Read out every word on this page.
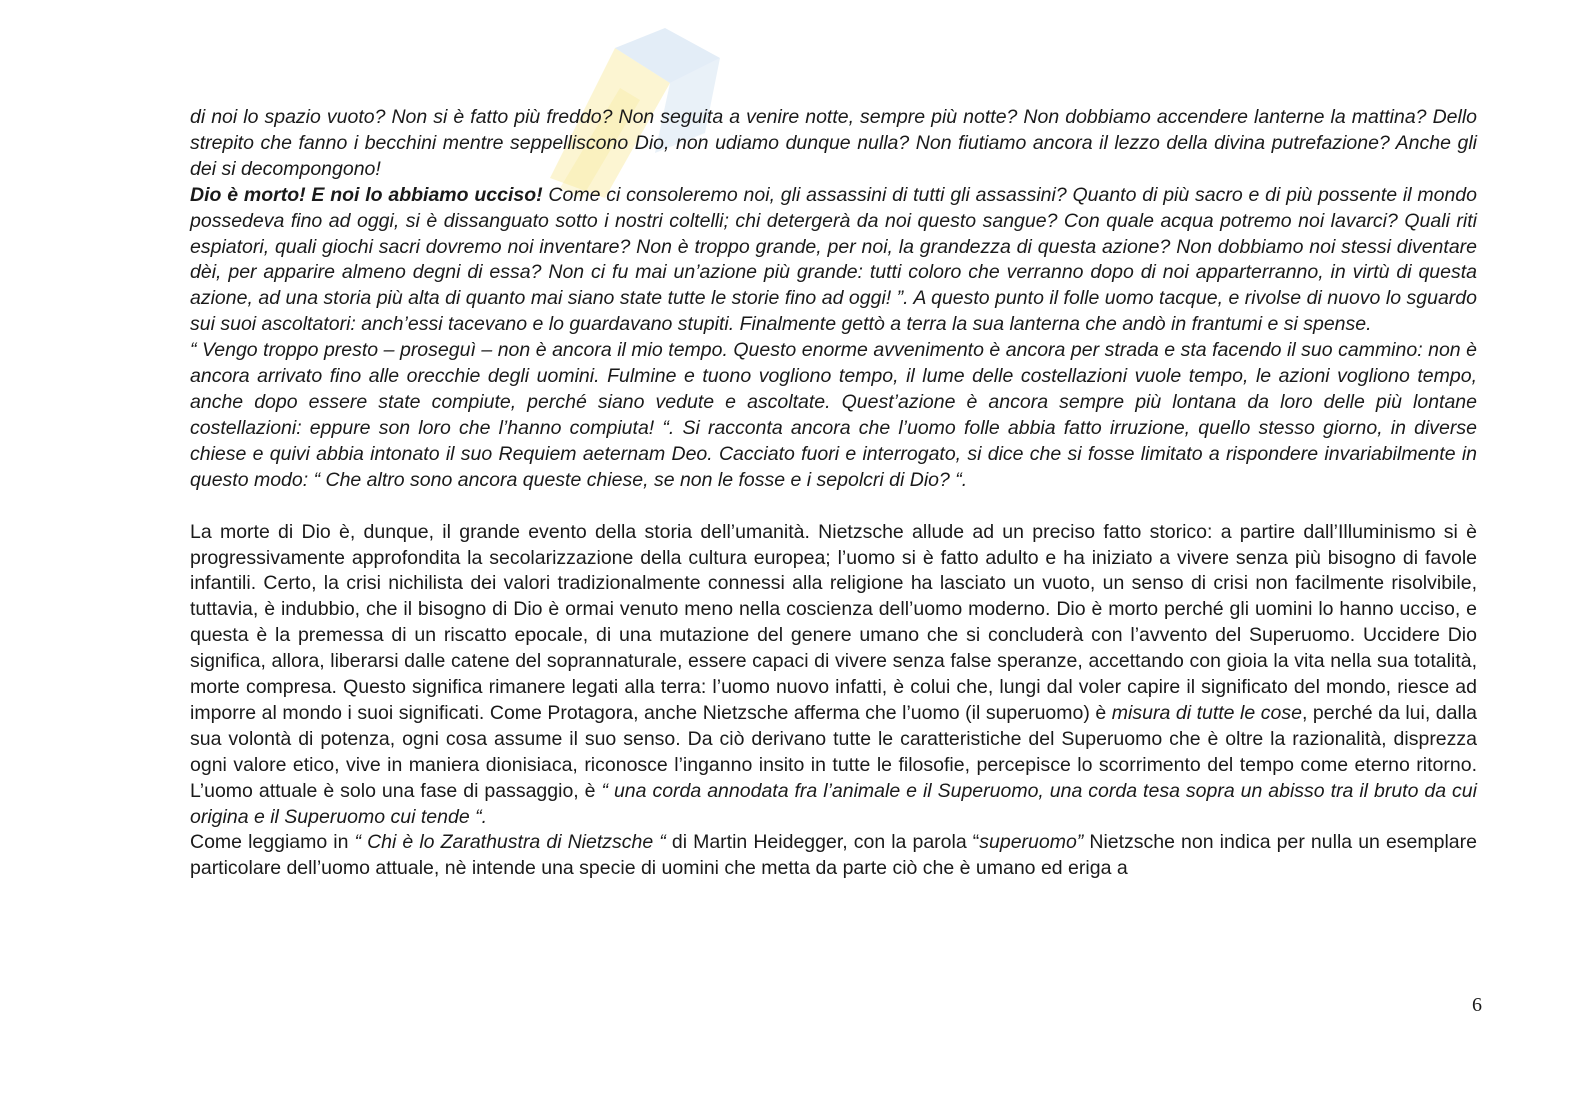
di noi lo spazio vuoto? Non si è fatto più freddo? Non seguita a venire notte, sempre più notte? Non dobbiamo accendere lanterne la mattina? Dello strepito che fanno i becchini mentre seppelliscono Dio, non udiamo dunque nulla? Non fiutiamo ancora il lezzo della divina putrefazione? Anche gli dei si decompongono!

Dio è morto! E noi lo abbiamo ucciso! Come ci consoleremo noi, gli assassini di tutti gli assassini? Quanto di più sacro e di più possente il mondo possedeva fino ad oggi, si è dissanguato sotto i nostri coltelli; chi detergerà da noi questo sangue? Con quale acqua potremo noi lavarci? Quali riti espiatori, quali giochi sacri dovremo noi inventare? Non è troppo grande, per noi, la grandezza di questa azione? Non dobbiamo noi stessi diventare dèi, per apparire almeno degni di essa? Non ci fu mai un’azione più grande: tutti coloro che verranno dopo di noi apparterranno, in virtù di questa azione, ad una storia più alta di quanto mai siano state tutte le storie fino ad oggi! ”. A questo punto il folle uomo tacque, e rivolse di nuovo lo sguardo sui suoi ascoltatori: anch’essi tacevano e lo guardavano stupiti. Finalmente gettò a terra la sua lanterna che andò in frantumi e si spense.

“ Vengo troppo presto – proseguì – non è ancora il mio tempo. Questo enorme avvenimento è ancora per strada e sta facendo il suo cammino: non è ancora arrivato fino alle orecchie degli uomini. Fulmine e tuono vogliono tempo, il lume delle costellazioni vuole tempo, le azioni vogliono tempo, anche dopo essere state compiute, perché siano vedute e ascoltate. Quest’azione è ancora sempre più lontana da loro delle più lontane costellazioni: eppure son loro che l’hanno compiuta! “. Si racconta ancora che l’uomo folle abbia fatto irruzione, quello stesso giorno, in diverse chiese e quivi abbia intonato il suo Requiem aeternam Deo. Cacciato fuori e interrogato, si dice che si fosse limitato a rispondere invariabilmente in questo modo: “ Che altro sono ancora queste chiese, se non le fosse e i sepolcri di Dio? “.

La morte di Dio è, dunque, il grande evento della storia dell’umanità. Nietzsche allude ad un preciso fatto storico: a partire dall’Illuminismo si è progressivamente approfondita la secolarizzazione della cultura europea; l’uomo si è fatto adulto e ha iniziato a vivere senza più bisogno di favole infantili. Certo, la crisi nichilista dei valori tradizionalmente connessi alla religione ha lasciato un vuoto, un senso di crisi non facilmente risolvibile, tuttavia, è indubbio, che il bisogno di Dio è ormai venuto meno nella coscienza dell’uomo moderno. Dio è morto perché gli uomini lo hanno ucciso, e questa è la premessa di un riscatto epocale, di una mutazione del genere umano che si concluderà con l’avvento del Superuomo. Uccidere Dio significa, allora, liberarsi dalle catene del soprannaturale, essere capaci di vivere senza false speranze, accettando con gioia la vita nella sua totalità, morte compresa. Questo significa rimanere legati alla terra: l’uomo nuovo infatti, è colui che, lungi dal voler capire il significato del mondo, riesce ad imporre al mondo i suoi significati. Come Protagora, anche Nietzsche afferma che l’uomo (il superuomo) è misura di tutte le cose, perché da lui, dalla sua volontà di potenza, ogni cosa assume il suo senso. Da ciò derivano tutte le caratteristiche del Superuomo che è oltre la razionalità, disprezza ogni valore etico, vive in maniera dionisiaca, riconosce l’inganno insito in tutte le filosofie, percepisce lo scorrimento del tempo come eterno ritorno. L’uomo attuale è solo una fase di passaggio, è “ una corda annodata fra l’animale e il Superuomo, una corda tesa sopra un abisso tra il bruto da cui origina e il Superuomo cui tende “.

Come leggiamo in “ Chi è lo Zarathustra di Nietzsche “ di Martin Heidegger, con la parola “superuomo” Nietzsche non indica per nulla un esemplare particolare dell’uomo attuale, nè intende una specie di uomini che metta da parte ciò che è umano ed eriga a

6
